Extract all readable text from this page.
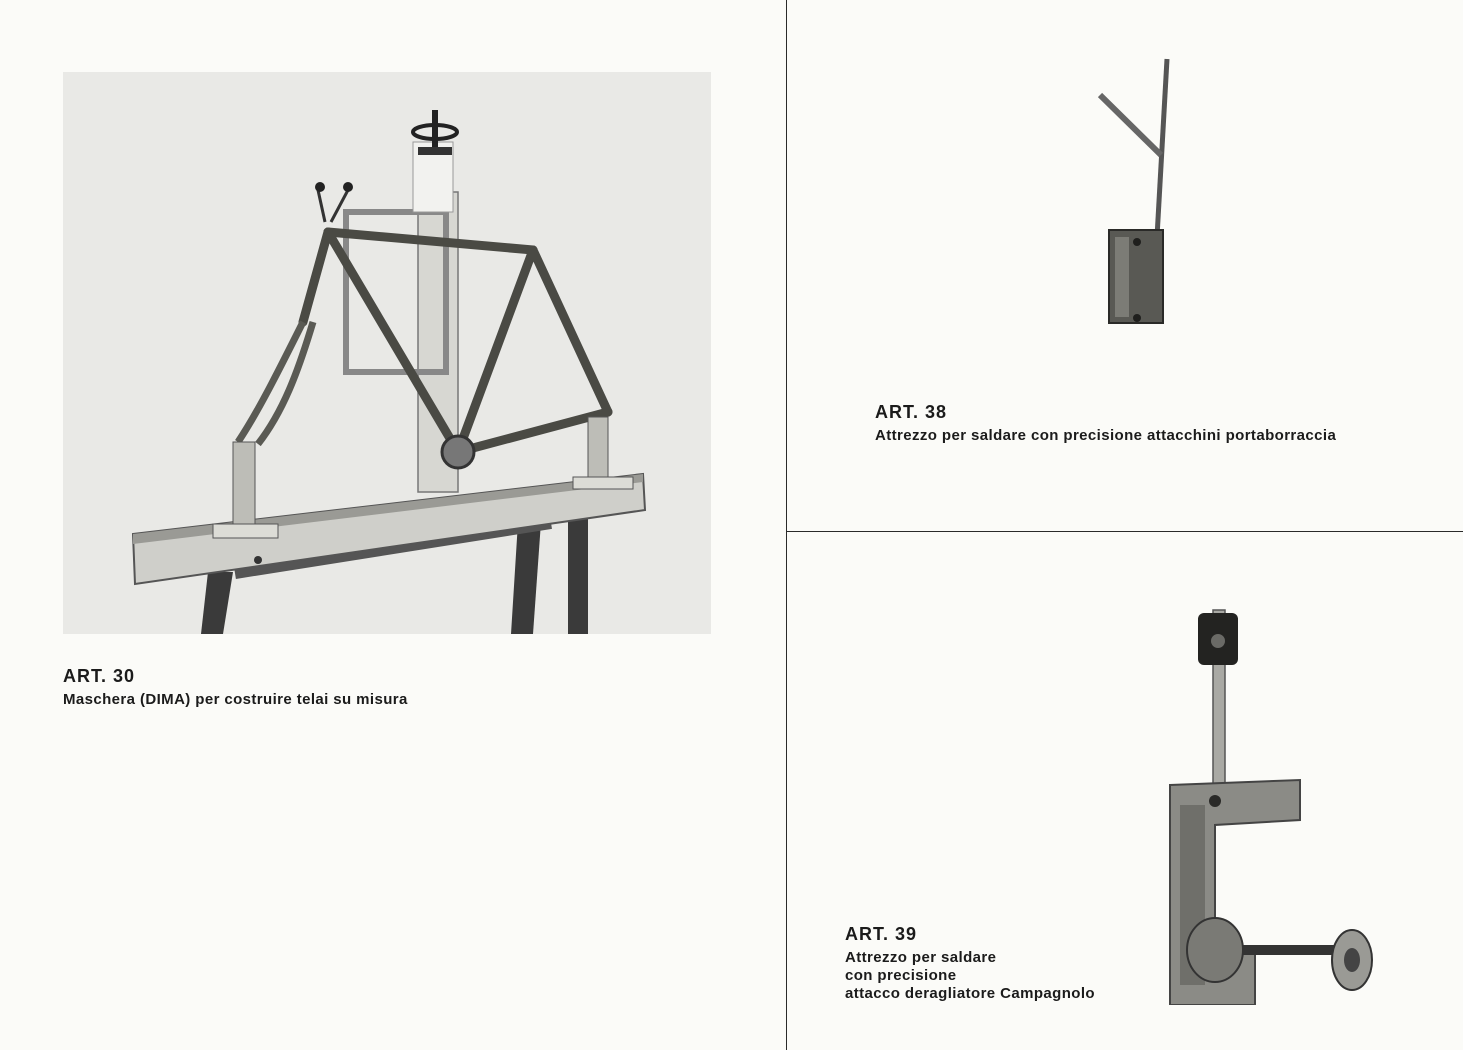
ART. 30

Maschera (DIMA) per costruire telai su misura

ART. 38

Attrezzo per saldare con precisione attacchini portaborraccia

ART. 39

Attrezzo per saldare
con precisione
attacco deragliatore Campagnolo
